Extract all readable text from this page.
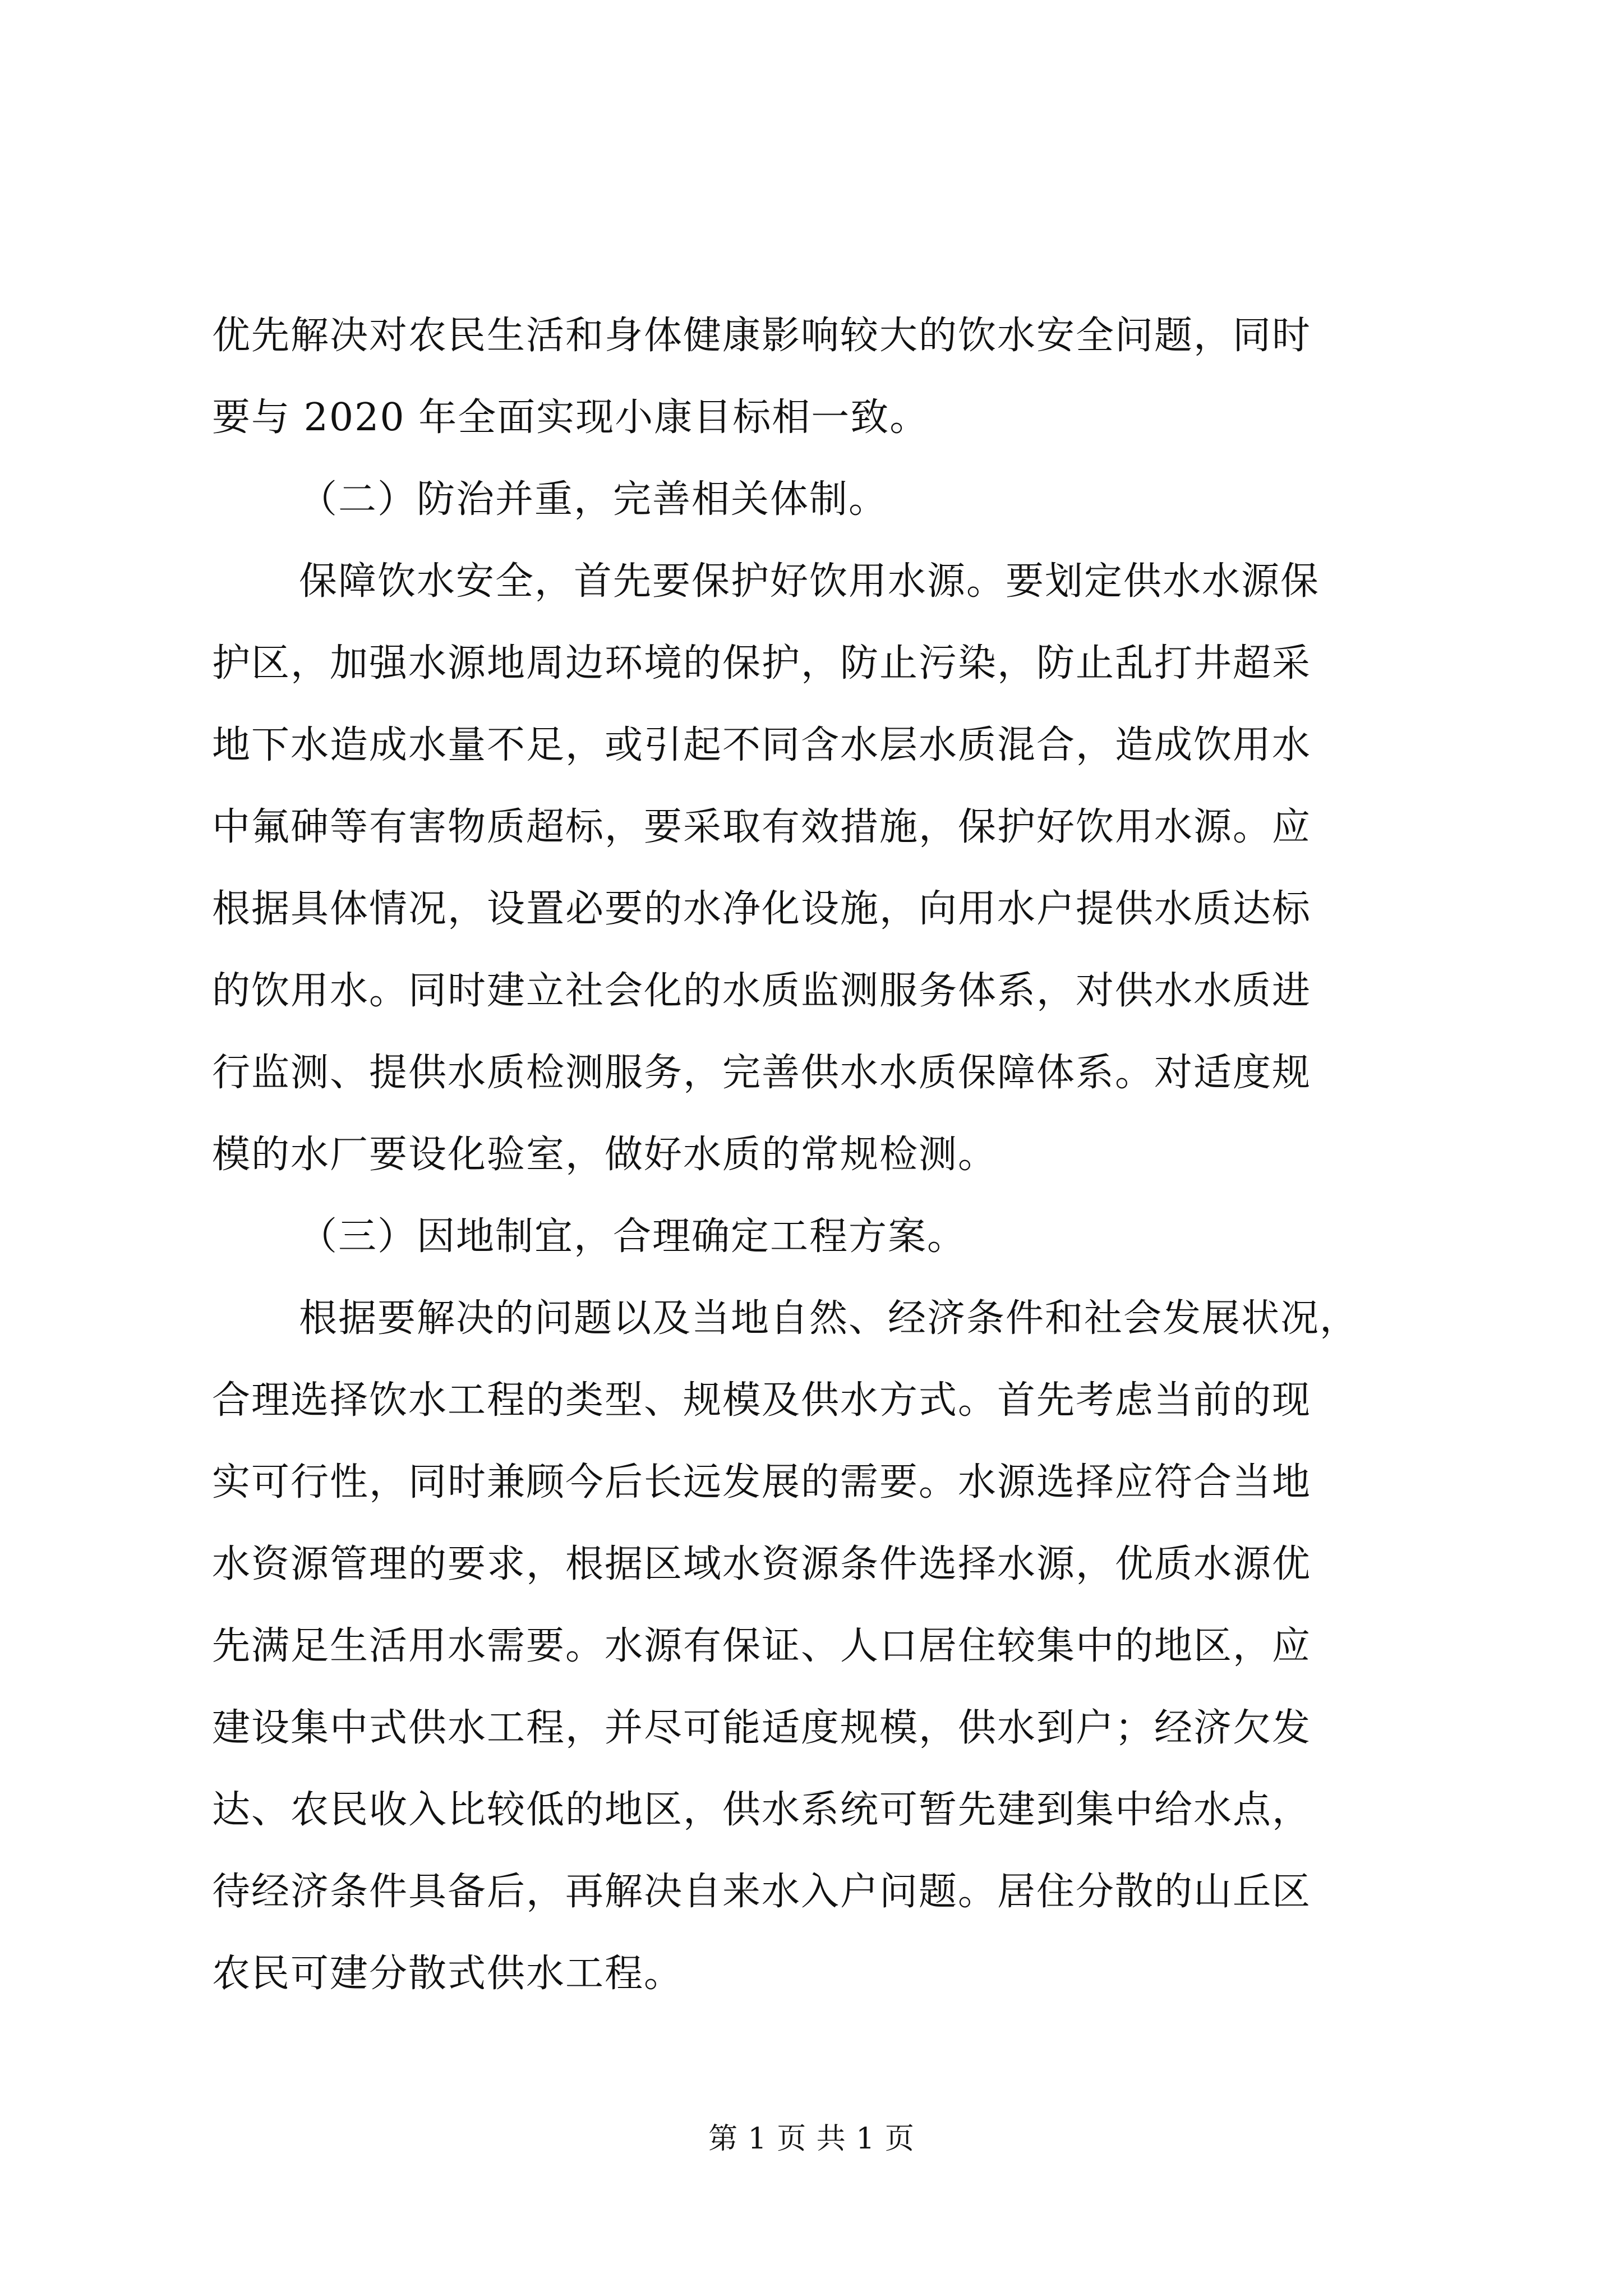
优先解决对农民生活和身体健康影响较大的饮水安全问题，同时
要与 2020 年全面实现小康目标相一致。
（二）防治并重，完善相关体制。
保障饮水安全，首先要保护好饮用水源。要划定供水水源保
护区，加强水源地周边环境的保护，防止污染，防止乱打井超采
地下水造成水量不足，或引起不同含水层水质混合，造成饮用水
中氟砷等有害物质超标，要采取有效措施，保护好饮用水源。应
根据具体情况，设置必要的水净化设施，向用水户提供水质达标
的饮用水。同时建立社会化的水质监测服务体系，对供水水质进
行监测、提供水质检测服务，完善供水水质保障体系。对适度规
模的水厂要设化验室，做好水质的常规检测。
（三）因地制宜，合理确定工程方案。
根据要解决的问题以及当地自然、经济条件和社会发展状况，
合理选择饮水工程的类型、规模及供水方式。首先考虑当前的现
实可行性，同时兼顾今后长远发展的需要。水源选择应符合当地
水资源管理的要求，根据区域水资源条件选择水源，优质水源优
先满足生活用水需要。水源有保证、人口居住较集中的地区，应
建设集中式供水工程，并尽可能适度规模，供水到户；经济欠发
达、农民收入比较低的地区，供水系统可暂先建到集中给水点，
待经济条件具备后，再解决自来水入户问题。居住分散的山丘区
农民可建分散式供水工程。
第 1 页 共 1 页
